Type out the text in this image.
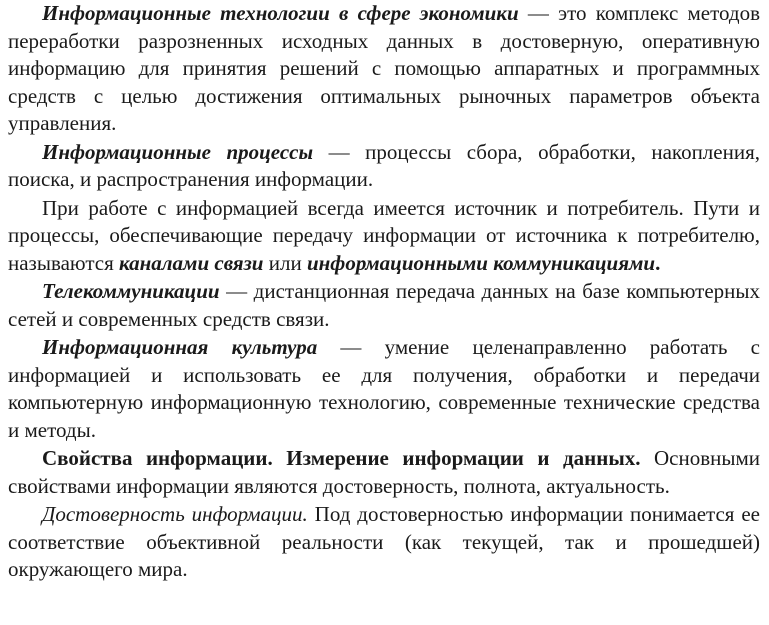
Информационные технологии в сфере экономики — это комплекс методов переработки разрозненных исходных данных в достоверную, оперативную информацию для принятия решений с помощью аппаратных и программных средств с целью достижения оптимальных рыночных параметров объекта управления.

Информационные процессы — процессы сбора, обработки, накопления, поиска, и распространения информации.

При работе с информацией всегда имеется источник и потребитель. Пути и процессы, обеспечивающие передачу информации от источника к потребителю, называются каналами связи или информационными коммуникациями.

Телекоммуникации — дистанционная передача данных на базе компьютерных сетей и современных средств связи.

Информационная культура — умение целенаправленно работать с информацией и использовать ее для получения, обработки и передачи компьютерную информационную технологию, современные технические средства и методы.

Свойства информации. Измерение информации и данных. Основными свойствами информации являются достоверность, полнота, актуальность.

Достоверность информации. Под достоверностью информации понимается ее соответствие объективной реальности (как текущей, так и прошедшей) окружающего мира.
